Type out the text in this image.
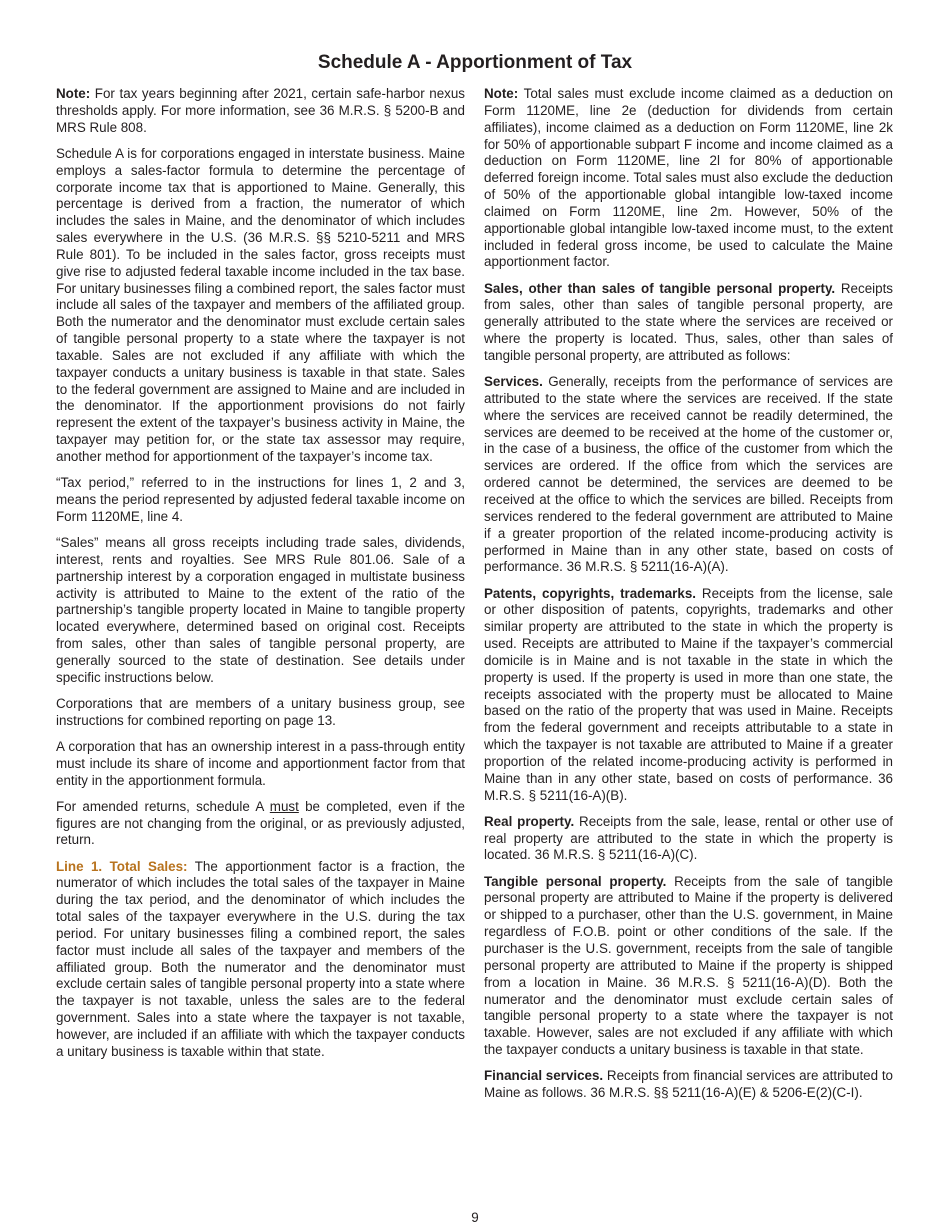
Schedule A - Apportionment of Tax

Note: For tax years beginning after 2021, certain safe-harbor nexus thresholds apply. For more information, see 36 M.R.S. § 5200-B and MRS Rule 808.

Schedule A is for corporations engaged in interstate business. Maine employs a sales-factor formula to determine the percentage of corporate income tax that is apportioned to Maine. Generally, this percentage is derived from a fraction, the numerator of which includes the sales in Maine, and the denominator of which includes sales everywhere in the U.S. (36 M.R.S. §§ 5210-5211 and MRS Rule 801). To be included in the sales factor, gross receipts must give rise to adjusted federal taxable income included in the tax base. For unitary businesses filing a combined report, the sales factor must include all sales of the taxpayer and members of the affiliated group. Both the numerator and the denominator must exclude certain sales of tangible personal property to a state where the taxpayer is not taxable. Sales are not excluded if any affiliate with which the taxpayer conducts a unitary business is taxable in that state. Sales to the federal government are assigned to Maine and are included in the denominator. If the apportionment provisions do not fairly represent the extent of the taxpayer’s business activity in Maine, the taxpayer may petition for, or the state tax assessor may require, another method for apportionment of the taxpayer’s income tax.

“Tax period,” referred to in the instructions for lines 1, 2 and 3, means the period represented by adjusted federal taxable income on Form 1120ME, line 4.

“Sales” means all gross receipts including trade sales, dividends, interest, rents and royalties. See MRS Rule 801.06. Sale of a partnership interest by a corporation engaged in multistate business activity is attributed to Maine to the extent of the ratio of the partnership’s tangible property located in Maine to tangible property located everywhere, determined based on original cost. Receipts from sales, other than sales of tangible personal property, are generally sourced to the state of destination. See details under specific instructions below.

Corporations that are members of a unitary business group, see instructions for combined reporting on page 13.

A corporation that has an ownership interest in a pass-through entity must include its share of income and apportionment factor from that entity in the apportionment formula.

For amended returns, schedule A must be completed, even if the figures are not changing from the original, or as previously adjusted, return.

Line 1. Total Sales: The apportionment factor is a fraction, the numerator of which includes the total sales of the taxpayer in Maine during the tax period, and the denominator of which includes the total sales of the taxpayer everywhere in the U.S. during the tax period. For unitary businesses filing a combined report, the sales factor must include all sales of the taxpayer and members of the affiliated group. Both the numerator and the denominator must exclude certain sales of tangible personal property into a state where the taxpayer is not taxable, unless the sales are to the federal government. Sales into a state where the taxpayer is not taxable, however, are included if an affiliate with which the taxpayer conducts a unitary business is taxable within that state.

Note: Total sales must exclude income claimed as a deduction on Form 1120ME, line 2e (deduction for dividends from certain affiliates), income claimed as a deduction on Form 1120ME, line 2k for 50% of apportionable subpart F income and income claimed as a deduction on Form 1120ME, line 2l for 80% of apportionable deferred foreign income. Total sales must also exclude the deduction of 50% of the apportionable global intangible low-taxed income claimed on Form 1120ME, line 2m. However, 50% of the apportionable global intangible low-taxed income must, to the extent included in federal gross income, be used to calculate the Maine apportionment factor.

Sales, other than sales of tangible personal property. Receipts from sales, other than sales of tangible personal property, are generally attributed to the state where the services are received or where the property is located. Thus, sales, other than sales of tangible personal property, are attributed as follows:

Services. Generally, receipts from the performance of services are attributed to the state where the services are received. If the state where the services are received cannot be readily determined, the services are deemed to be received at the home of the customer or, in the case of a business, the office of the customer from which the services are ordered. If the office from which the services are ordered cannot be determined, the services are deemed to be received at the office to which the services are billed. Receipts from services rendered to the federal government are attributed to Maine if a greater proportion of the related income-producing activity is performed in Maine than in any other state, based on costs of performance. 36 M.R.S. § 5211(16-A)(A).

Patents, copyrights, trademarks. Receipts from the license, sale or other disposition of patents, copyrights, trademarks and other similar property are attributed to the state in which the property is used. Receipts are attributed to Maine if the taxpayer’s commercial domicile is in Maine and is not taxable in the state in which the property is used. If the property is used in more than one state, the receipts associated with the property must be allocated to Maine based on the ratio of the property that was used in Maine. Receipts from the federal government and receipts attributable to a state in which the taxpayer is not taxable are attributed to Maine if a greater proportion of the related income-producing activity is performed in Maine than in any other state, based on costs of performance. 36 M.R.S. § 5211(16-A)(B).

Real property. Receipts from the sale, lease, rental or other use of real property are attributed to the state in which the property is located. 36 M.R.S. § 5211(16-A)(C).

Tangible personal property. Receipts from the sale of tangible personal property are attributed to Maine if the property is delivered or shipped to a purchaser, other than the U.S. government, in Maine regardless of F.O.B. point or other conditions of the sale. If the purchaser is the U.S. government, receipts from the sale of tangible personal property are attributed to Maine if the property is shipped from a location in Maine. 36 M.R.S. § 5211(16-A)(D). Both the numerator and the denominator must exclude certain sales of tangible personal property to a state where the taxpayer is not taxable. However, sales are not excluded if any affiliate with which the taxpayer conducts a unitary business is taxable in that state.

Financial services. Receipts from financial services are attributed to Maine as follows. 36 M.R.S. §§ 5211(16-A)(E) & 5206-E(2)(C-I).

9
